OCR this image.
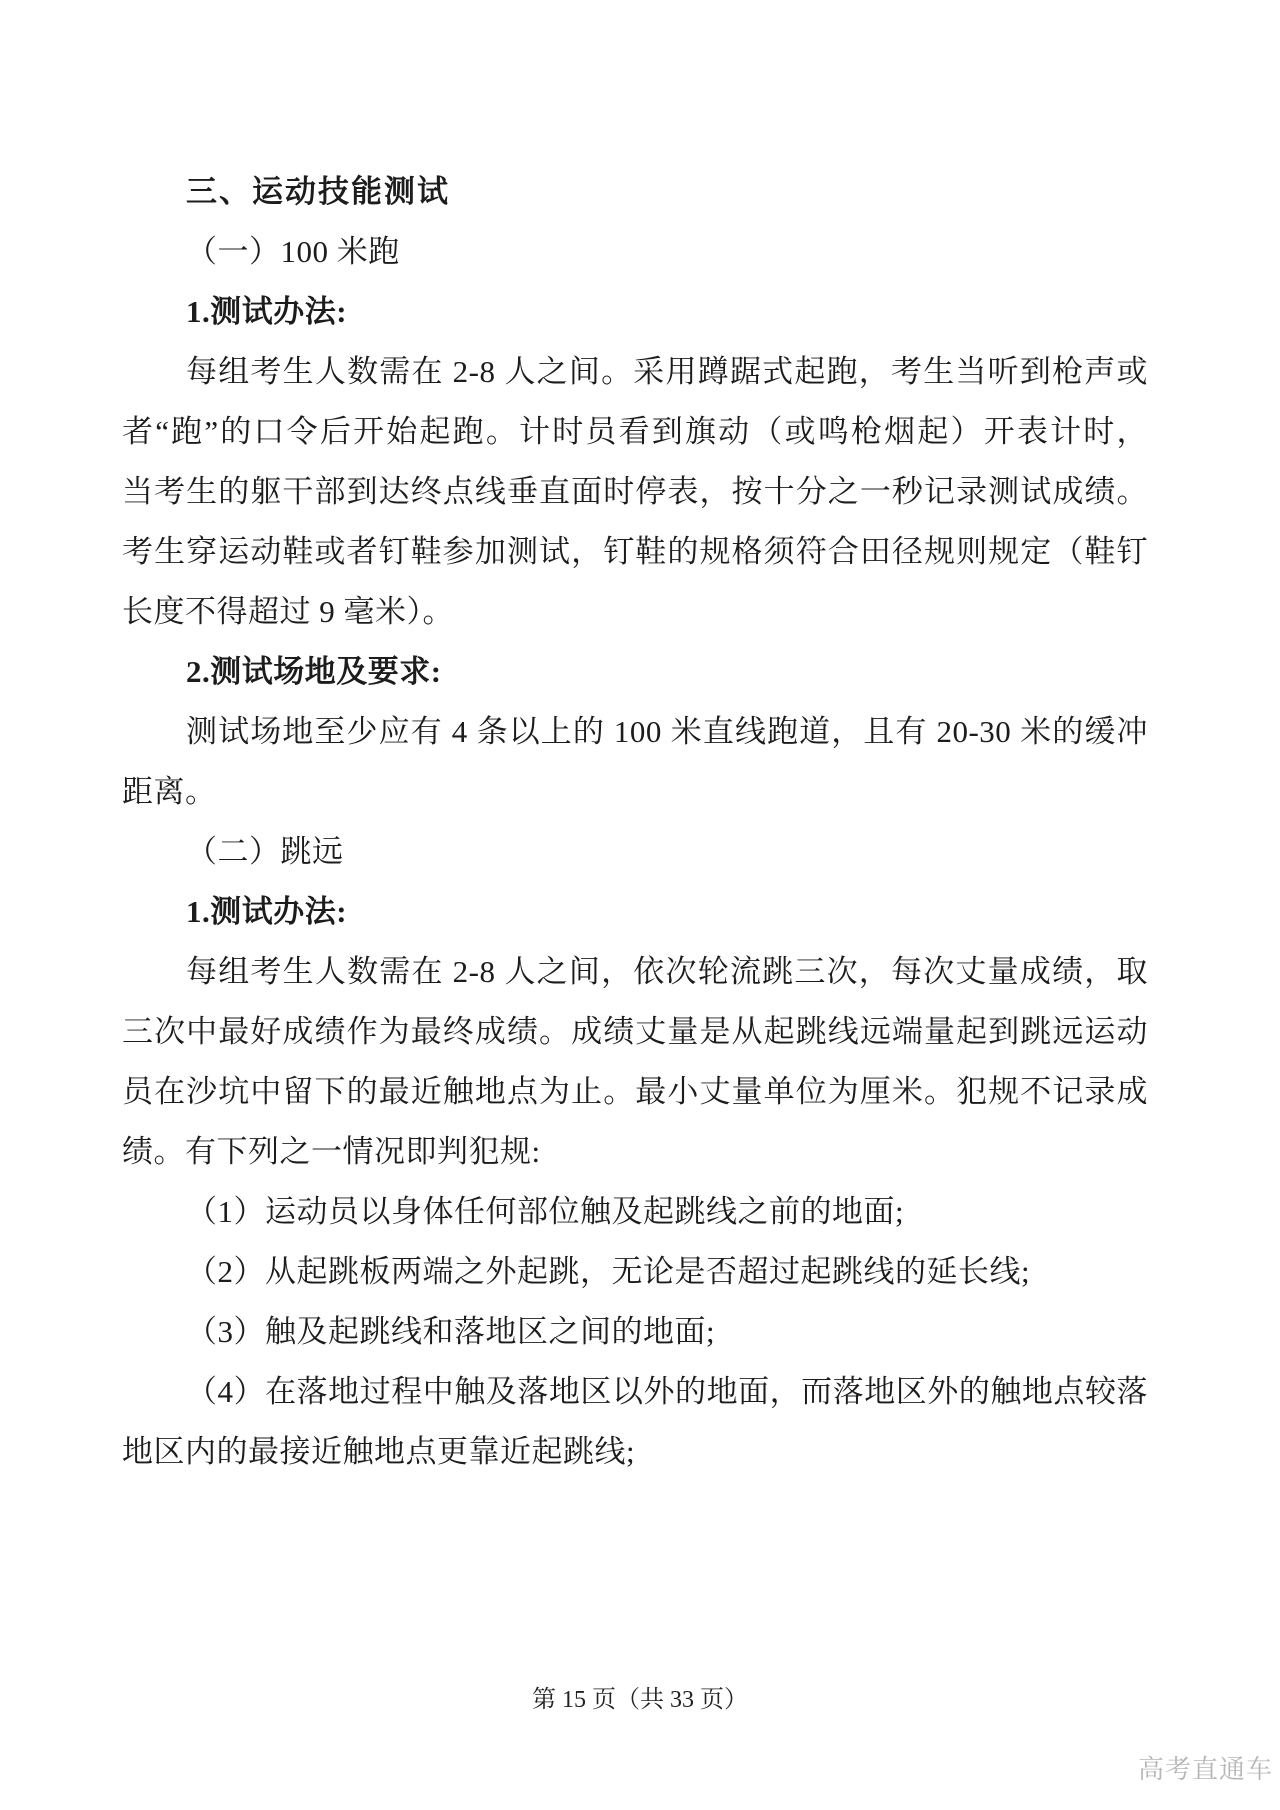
三、运动技能测试
（一）100 米跑
1.测试办法:
每组考生人数需在 2-8 人之间。采用蹲踞式起跑，考生当听到枪声或
者“跑”的口令后开始起跑。计时员看到旗动（或鸣枪烟起）开表计时，
当考生的躯干部到达终点线垂直面时停表，按十分之一秒记录测试成绩。
考生穿运动鞋或者钉鞋参加测试，钉鞋的规格须符合田径规则规定（鞋钉
长度不得超过 9 毫米）。
2.测试场地及要求:
测试场地至少应有 4 条以上的 100 米直线跑道，且有 20-30 米的缓冲
距离。
（二）跳远
1.测试办法:
每组考生人数需在 2-8 人之间，依次轮流跳三次，每次丈量成绩，取
三次中最好成绩作为最终成绩。成绩丈量是从起跳线远端量起到跳远运动
员在沙坑中留下的最近触地点为止。最小丈量单位为厘米。犯规不记录成
绩。有下列之一情况即判犯规:
（1）运动员以身体任何部位触及起跳线之前的地面;
（2）从起跳板两端之外起跳，无论是否超过起跳线的延长线;
（3）触及起跳线和落地区之间的地面;
（4）在落地过程中触及落地区以外的地面，而落地区外的触地点较落
地区内的最接近触地点更靠近起跳线;
第 15 页（共 33 页）
高考直通车
